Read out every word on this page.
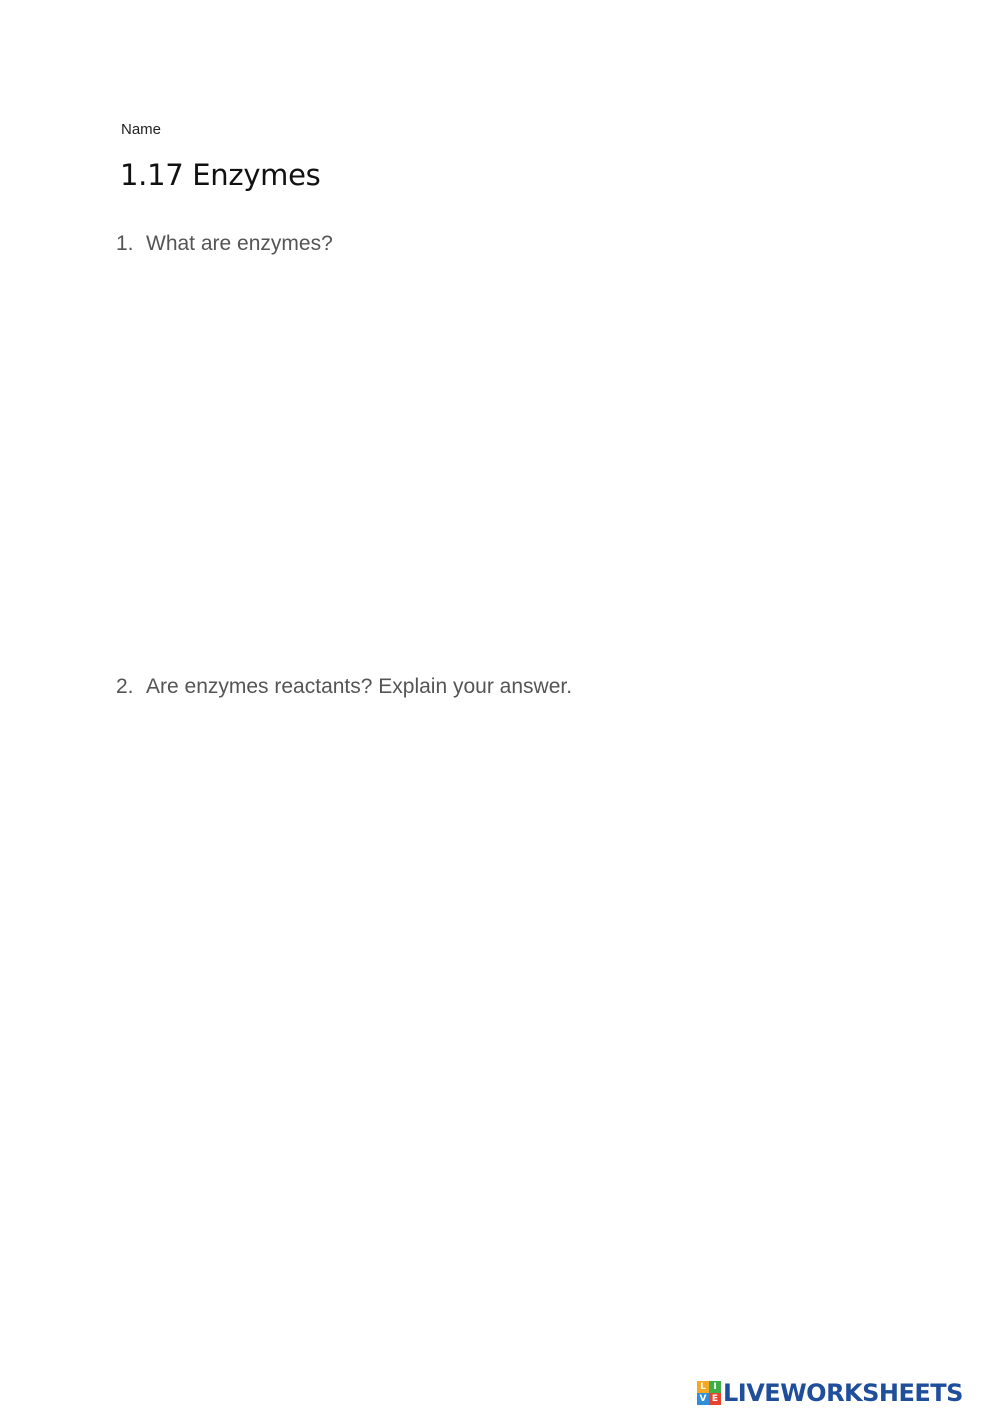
Name
1.17 Enzymes
1. What are enzymes?
2. Are enzymes reactants? Explain your answer.
L I
V E LIVEWORKSHEETS
